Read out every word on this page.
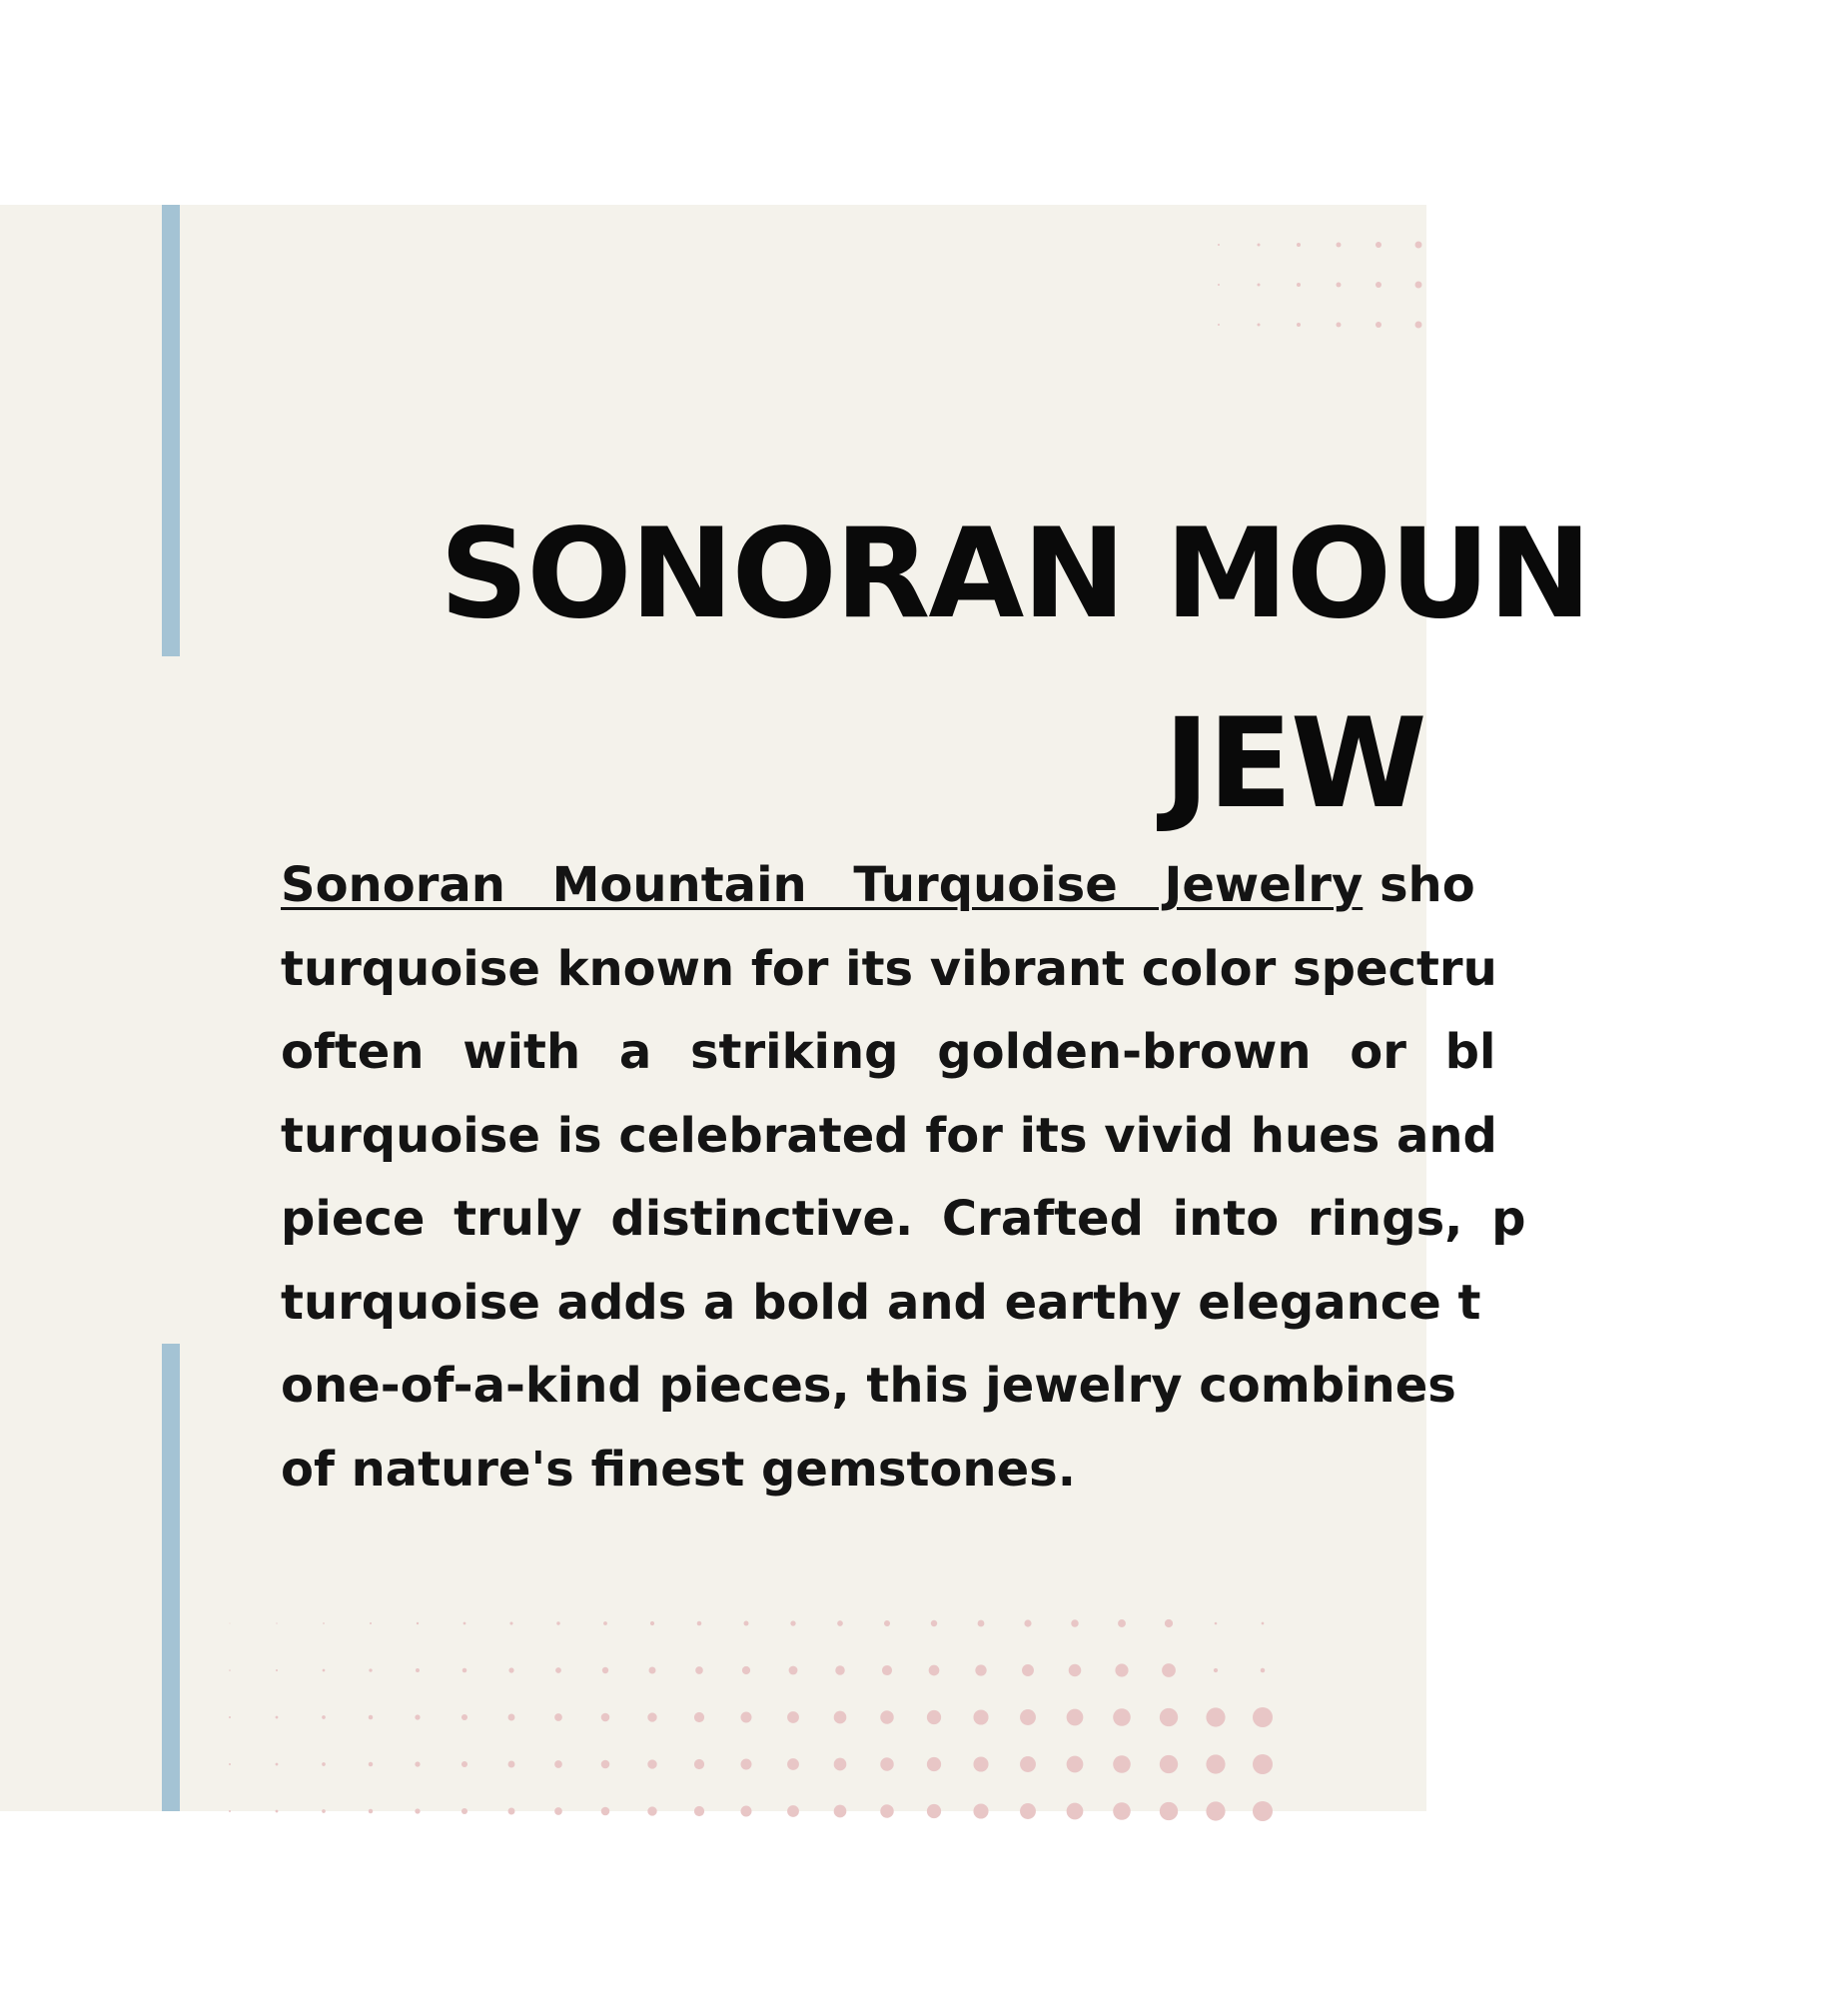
SONORAN MOUN
JEW

Sonoran Mountain Turquoise Jewelry sho
turquoise known for its vibrant color spectru
often with a striking golden-brown or bl
turquoise is celebrated for its vivid hues and
piece truly distinctive. Crafted into rings, p
turquoise adds a bold and earthy elegance t
one-of-a-kind pieces, this jewelry combines
of nature's finest gemstones.
